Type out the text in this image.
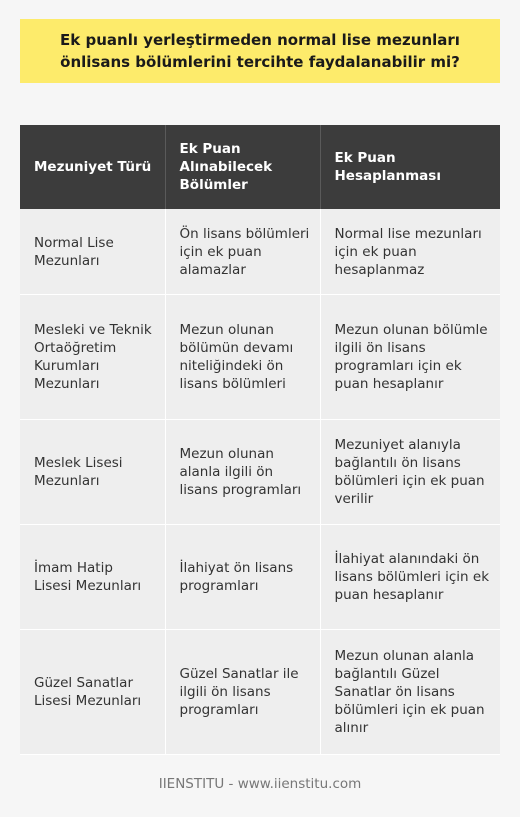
Ek puanlı yerleştirmeden normal lise mezunları önlisans bölümlerini tercihte faydalanabilir mi?
Mezuniyet Türü	Ek Puan Alınabilecek Bölümler	Ek Puan Hesaplanması
Normal Lise Mezunları	Ön lisans bölümleri için ek puan alamazlar	Normal lise mezunları için ek puan hesaplanmaz
Mesleki ve Teknik Ortaöğretim Kurumları Mezunları	Mezun olunan bölümün devamı niteliğindeki ön lisans bölümleri	Mezun olunan bölümle ilgili ön lisans programları için ek puan hesaplanır
Meslek Lisesi Mezunları	Mezun olunan alanla ilgili ön lisans programları	Mezuniyet alanıyla bağlantılı ön lisans bölümleri için ek puan verilir
İmam Hatip Lisesi Mezunları	İlahiyat ön lisans programları	İlahiyat alanındaki ön lisans bölümleri için ek puan hesaplanır
Güzel Sanatlar Lisesi Mezunları	Güzel Sanatlar ile ilgili ön lisans programları	Mezun olunan alanla bağlantılı Güzel Sanatlar ön lisans bölümleri için ek puan alınır

IIENSTITU - www.iienstitu.com
